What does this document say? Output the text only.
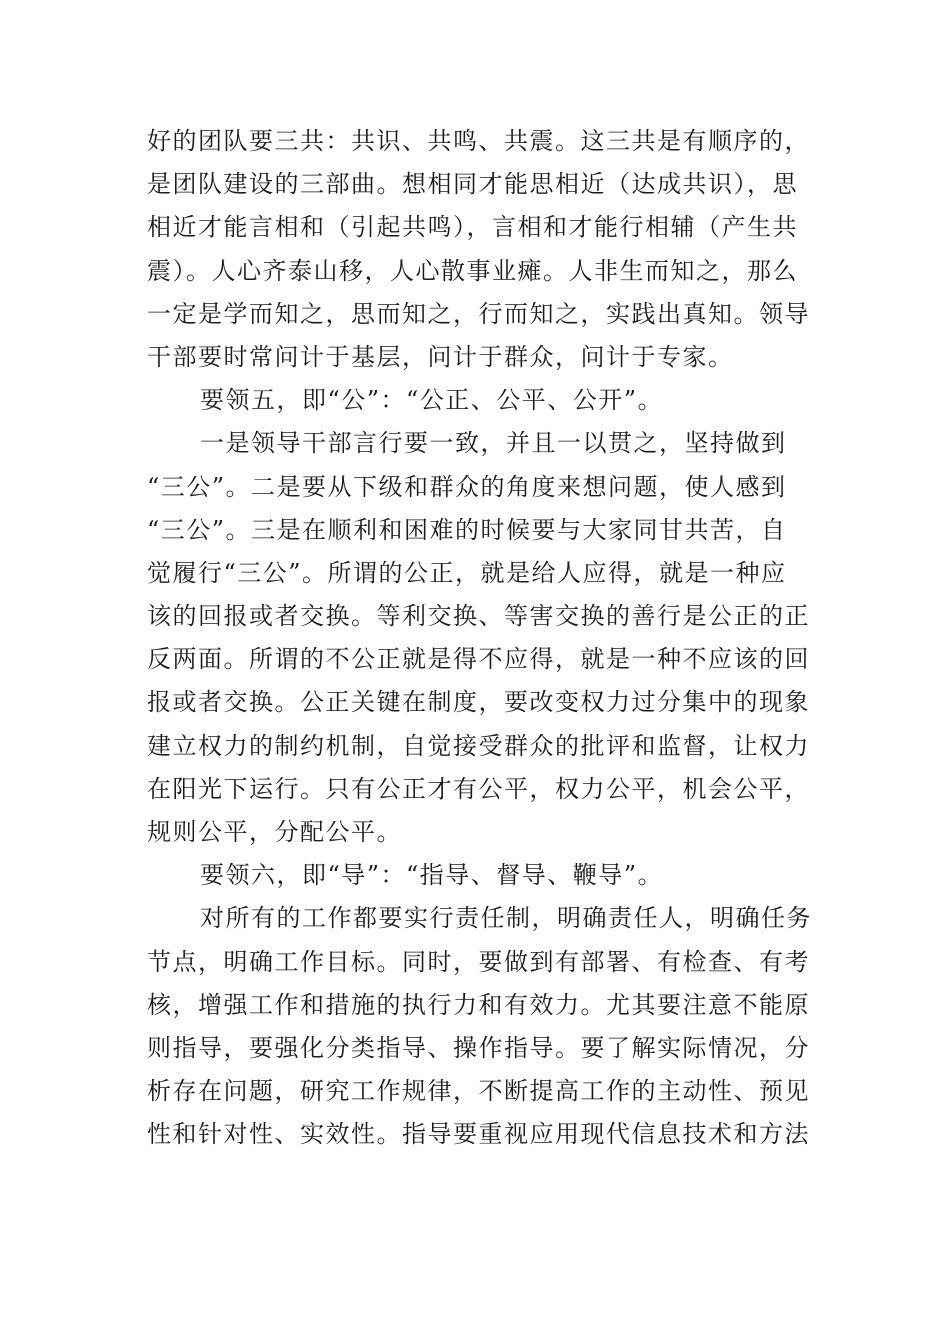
好的团队要三共：共识、共鸣、共震。这三共是有顺序的，
是团队建设的三部曲。想相同才能思相近（达成共识），思
相近才能言相和（引起共鸣），言相和才能行相辅（产生共
震）。人心齐泰山移，人心散事业瘫。人非生而知之，那么
一定是学而知之，思而知之，行而知之，实践出真知。领导
干部要时常问计于基层，问计于群众，问计于专家。
要领五，即“公”：“公正、公平、公开”。
一是领导干部言行要一致，并且一以贯之，坚持做到
“三公”。二是要从下级和群众的角度来想问题，使人感到
“三公”。三是在顺利和困难的时候要与大家同甘共苦，自
觉履行“三公”。所谓的公正，就是给人应得，就是一种应
该的回报或者交换。等利交换、等害交换的善行是公正的正
反两面。所谓的不公正就是得不应得，就是一种不应该的回
报或者交换。公正关键在制度，要改变权力过分集中的现象
建立权力的制约机制，自觉接受群众的批评和监督，让权力
在阳光下运行。只有公正才有公平，权力公平，机会公平，
规则公平，分配公平。
要领六，即“导”：“指导、督导、鞭导”。
对所有的工作都要实行责任制，明确责任人，明确任务
节点，明确工作目标。同时，要做到有部署、有检查、有考
核，增强工作和措施的执行力和有效力。尤其要注意不能原
则指导，要强化分类指导、操作指导。要了解实际情况，分
析存在问题，研究工作规律，不断提高工作的主动性、预见
性和针对性、实效性。指导要重视应用现代信息技术和方法
